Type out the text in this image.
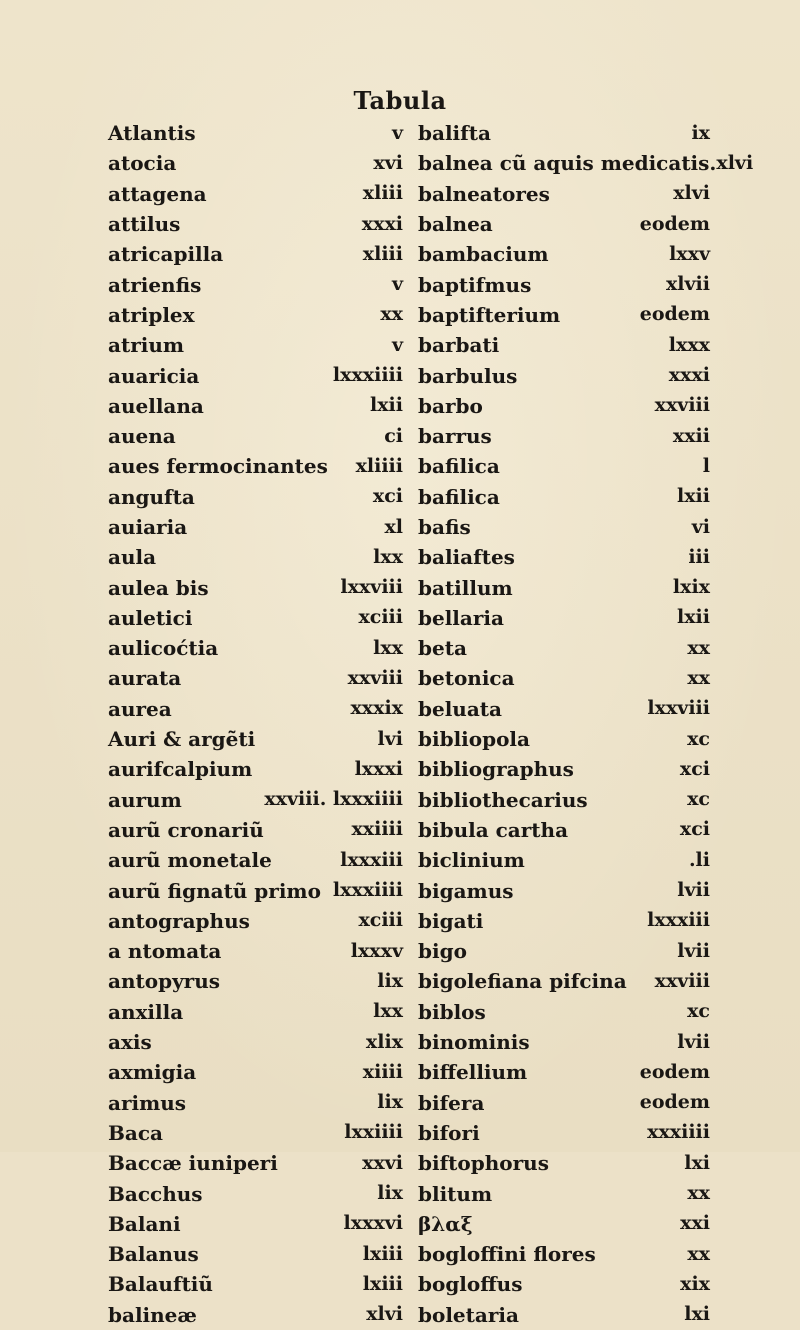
Tabula
Atlantis	v
atocia	xvi
attagena	xliii
attilus	xxxi
atricapilla	xliii
atrienfis	v
atriplex	xx
atrium	v
auaricia	lxxxiiii
auellana	lxii
auena	ci
aues fermocinantes xliiii
angufta	xci
auiaria	xl
aula	lxx
aulea bis	lxxviii
auletici	xciii
aulicoćtia	lxx
aurata	xxviii
aurea	xxxix
Auri & argẽti	lvi
aurifcalpium	lxxxi
aurum	xxviii. lxxxiiii
aurũ cronariũ	xxiiii
aurũ monetale	lxxxiii
aurũ fignatũ primo lxxxiiii
antographus	xciii
a ntomata	lxxxv
antopyrus	lix
anxilla	lxx
axis	xlix
axmigia	xiiii
arimus	lix
Baca	lxxiiii
Baccæ iuniperi	xxvi
Bacchus	lix
Balani	lxxxvi
Balanus	lxiii
Balauftiũ	lxiii
balineæ	xlvi
balifta	ix
balnea cũ aquis medicatis. xlvi
balneatores	xlvi
balnea	eodem
bambacium	lxxv
baptifmus	xlvii
baptifterium	eodem
barbati	lxxx
barbulus	xxxi
barbo	xxviii
barrus	xxii
bafilica	l
bafilica	lxii
bafis	vi
baliaftes	iii
batillum	lxix
bellaria	lxii
beta	xx
betonica	xx
beluata	lxxviii
bibliopola	xc
bibliographus	xci
bibliothecarius	xc
bibula cartha	xci
biclinium	.li
bigamus	lvii
bigati	lxxxiii
bigo	lvii
bigolefiana pifcina xxviii
biblos	xc
binominis	lvii
biffellium	eodem
bifera	eodem
bifori	xxxiiii
biftophorus	lxi
blitum	xx
βλαξ	xxi
bogloffini flores	xx
bogloffus	xix
boletaria	lxi
